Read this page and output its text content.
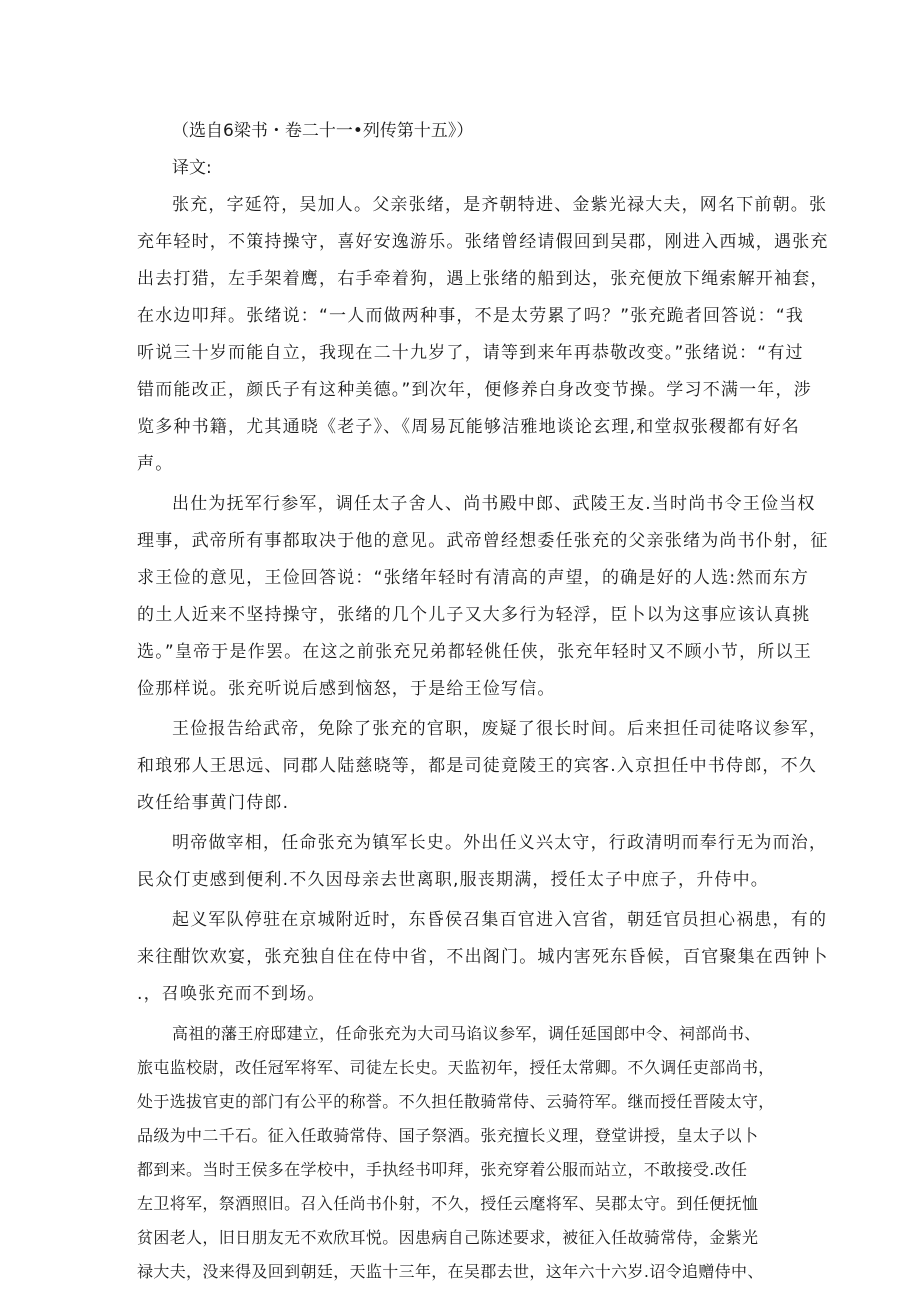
（选自6梁书・卷二十一•列传第十五》）
译文:
张充，字延符，吴加人。父亲张绪，是齐朝特进、金紫光禄大夫，网名下前朝。张
充年轻时，不策持操守，喜好安逸游乐。张绪曾经请假回到吴郡，刚进入西城，遇张充
出去打猎，左手架着鹰，右手牵着狗，遇上张绪的船到达，张充便放下绳索解开袖套，
在水边叩拜。张绪说：“一人而做两种事，不是太劳累了吗？”张充跪者回答说：“我
听说三十岁而能自立，我现在二十九岁了，请等到来年再恭敬改变。”张绪说：“有过
错而能改正，颜氏子有这种美德。”到次年，便修养白身改变节操。学习不满一年，涉
览多种书籍，尤其通晓《老子》、《周易瓦能够洁雅地谈论玄理,和堂叔张稷都有好名
声。
出仕为抚军行参军，调任太子舍人、尚书殿中郎、武陵王友.当时尚书令王俭当权
理事，武帝所有事都取决于他的意见。武帝曾经想委任张充的父亲张绪为尚书仆射，征
求王俭的意见，王俭回答说：“张绪年轻时有清高的声望，的确是好的人选:然而东方
的土人近来不坚持操守，张绪的几个儿子又大多行为轻浮，臣卜以为这事应该认真挑
选。”皇帝于是作罢。在这之前张充兄弟都轻佻任侠，张充年轻时又不顾小节，所以王
俭那样说。张充听说后感到恼怒，于是给王俭写信。
王俭报告给武帝，免除了张充的官职，废疑了很长时间。后来担任司徒咯议参军，
和琅邪人王思远、同郡人陆慈晓等，都是司徒竟陵王的宾客.入京担任中书侍郎，不久
改任给事黄门侍郎.
明帝做宰相，任命张充为镇军长史。外出任义兴太守，行政清明而奉行无为而治，
民众仃吏感到便利.不久因母亲去世离职,服丧期满，授任太子中庶子，升侍中。
起义军队停驻在京城附近时，东昏侯召集百官进入宫省，朝廷官员担心祸患，有的
来往酣饮欢宴，张充独自住在侍中省，不出阁门。城内害死东昏候，百官聚集在西钟卜
.，召唤张充而不到场。
高祖的藩王府邸建立，任命张充为大司马谄议参军，调任延国郎中令、祠部尚书、
旅屯监校尉，改任冠军将军、司徒左长史。天监初年，授任太常卿。不久调任吏部尚书，
处于选拔官吏的部门有公平的称誉。不久担任散骑常侍、云骑符军。继而授任晋陵太守，
品级为中二千石。征入任敢骑常侍、国子祭酒。张充擅长义理，登堂讲授，皇太子以卜
都到来。当时王侯多在学校中，手执经书叩拜，张充穿着公服而站立，不敢接受.改任
左卫将军，祭酒照旧。召入任尚书仆射，不久，授任云麾将军、吴郡太守。到任便抚恤
贫困老人，旧日朋友无不欢欣耳悦。因患病自己陈述要求，被征入任故骑常侍，金紫光
禄大夫，没来得及回到朝廷，天监十三年，在吴郡去世，这年六十六岁.诏令追赠侍中、
